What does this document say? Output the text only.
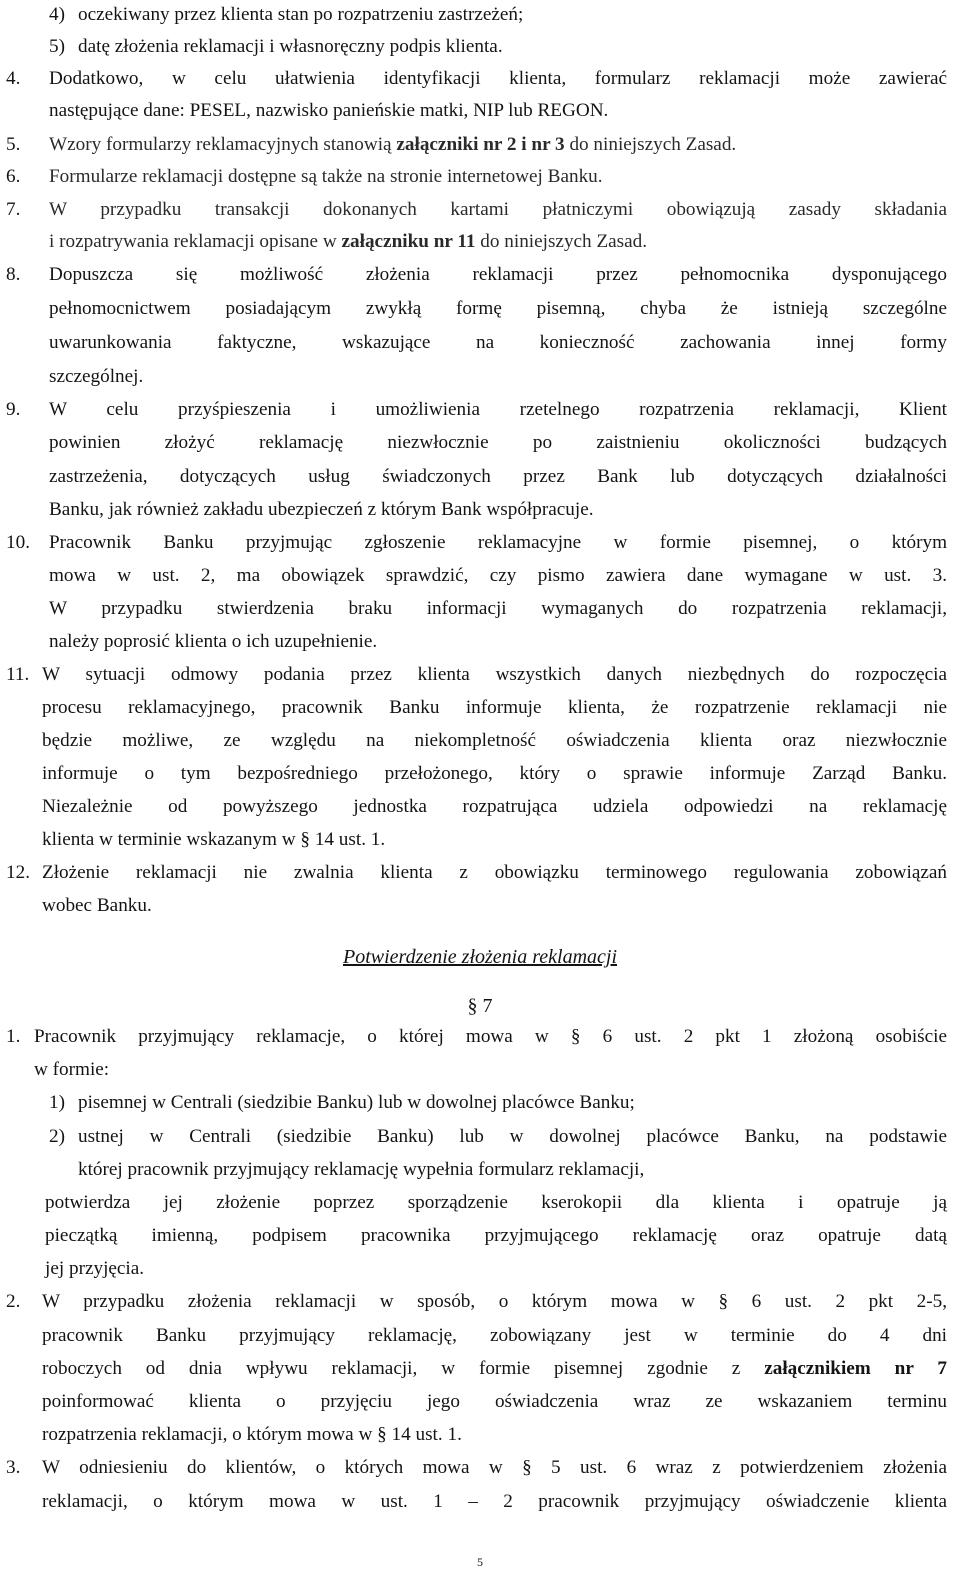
4) oczekiwany przez klienta stan po rozpatrzeniu zastrzeżeń;
5) datę złożenia reklamacji i własnoręczny podpis klienta.
4. Dodatkowo, w celu ułatwienia identyfikacji klienta, formularz reklamacji może zawierać
następujące dane: PESEL, nazwisko panieńskie matki, NIP lub REGON.
5. Wzory formularzy reklamacyjnych stanowią załączniki nr 2 i nr 3 do niniejszych Zasad.
6. Formularze reklamacji dostępne są także na stronie internetowej Banku.
7. W przypadku transakcji dokonanych kartami płatniczymi obowiązują zasady składania
i rozpatrywania reklamacji opisane w załączniku nr 11 do niniejszych Zasad.
8. Dopuszcza się możliwość złożenia reklamacji przez pełnomocnika dysponującego
pełnomocnictwem posiadającym zwykłą formę pisemną, chyba że istnieją szczególne
uwarunkowania faktyczne, wskazujące na konieczność zachowania innej formy
szczególnej.
9. W celu przyśpieszenia i umożliwienia rzetelnego rozpatrzenia reklamacji, Klient
powinien złożyć reklamację niezwłocznie po zaistnieniu okoliczności budzących
zastrzeżenia, dotyczących usług świadczonych przez Bank lub dotyczących działalności
Banku, jak również zakładu ubezpieczeń z którym Bank współpracuje.
10. Pracownik Banku przyjmując zgłoszenie reklamacyjne w formie pisemnej, o którym
mowa w ust. 2, ma obowiązek sprawdzić, czy pismo zawiera dane wymagane w ust. 3.
W przypadku stwierdzenia braku informacji wymaganych do rozpatrzenia reklamacji,
należy poprosić klienta o ich uzupełnienie.
11. W sytuacji odmowy podania przez klienta wszystkich danych niezbędnych do rozpoczęcia
procesu reklamacyjnego, pracownik Banku informuje klienta, że rozpatrzenie reklamacji nie
będzie możliwe, ze względu na niekompletność oświadczenia klienta oraz niezwłocznie
informuje o tym bezpośredniego przełożonego, który o sprawie informuje Zarząd Banku.
Niezależnie od powyższego jednostka rozpatrująca udziela odpowiedzi na reklamację
klienta w terminie wskazanym w § 14 ust. 1.
12. Złożenie reklamacji nie zwalnia klienta z obowiązku terminowego regulowania zobowiązań
wobec Banku.
Potwierdzenie złożenia reklamacji
§ 7
1. Pracownik przyjmujący reklamacje, o której mowa w § 6 ust. 2 pkt 1 złożoną osobiście
w formie:
1) pisemnej w Centrali (siedzibie Banku) lub w dowolnej placówce Banku;
2) ustnej w Centrali (siedzibie Banku) lub w dowolnej placówce Banku, na podstawie
której pracownik przyjmujący reklamację wypełnia formularz reklamacji,
potwierdza jej złożenie poprzez sporządzenie kserokopii dla klienta i opatruje ją
pieczątką imienną, podpisem pracownika przyjmującego reklamację oraz opatruje datą
jej przyjęcia.
2. W przypadku złożenia reklamacji w sposób, o którym mowa w § 6 ust. 2 pkt 2-5,
pracownik Banku przyjmujący reklamację, zobowiązany jest w terminie do 4 dni
roboczych od dnia wpływu reklamacji, w formie pisemnej zgodnie z załącznikiem nr 7
poinformować klienta o przyjęciu jego oświadczenia wraz ze wskazaniem terminu
rozpatrzenia reklamacji, o którym mowa w § 14 ust. 1.
3. W odniesieniu do klientów, o których mowa w § 5 ust. 6 wraz z potwierdzeniem złożenia
reklamacji, o którym mowa w ust. 1 – 2 pracownik przyjmujący oświadczenie klienta
5
